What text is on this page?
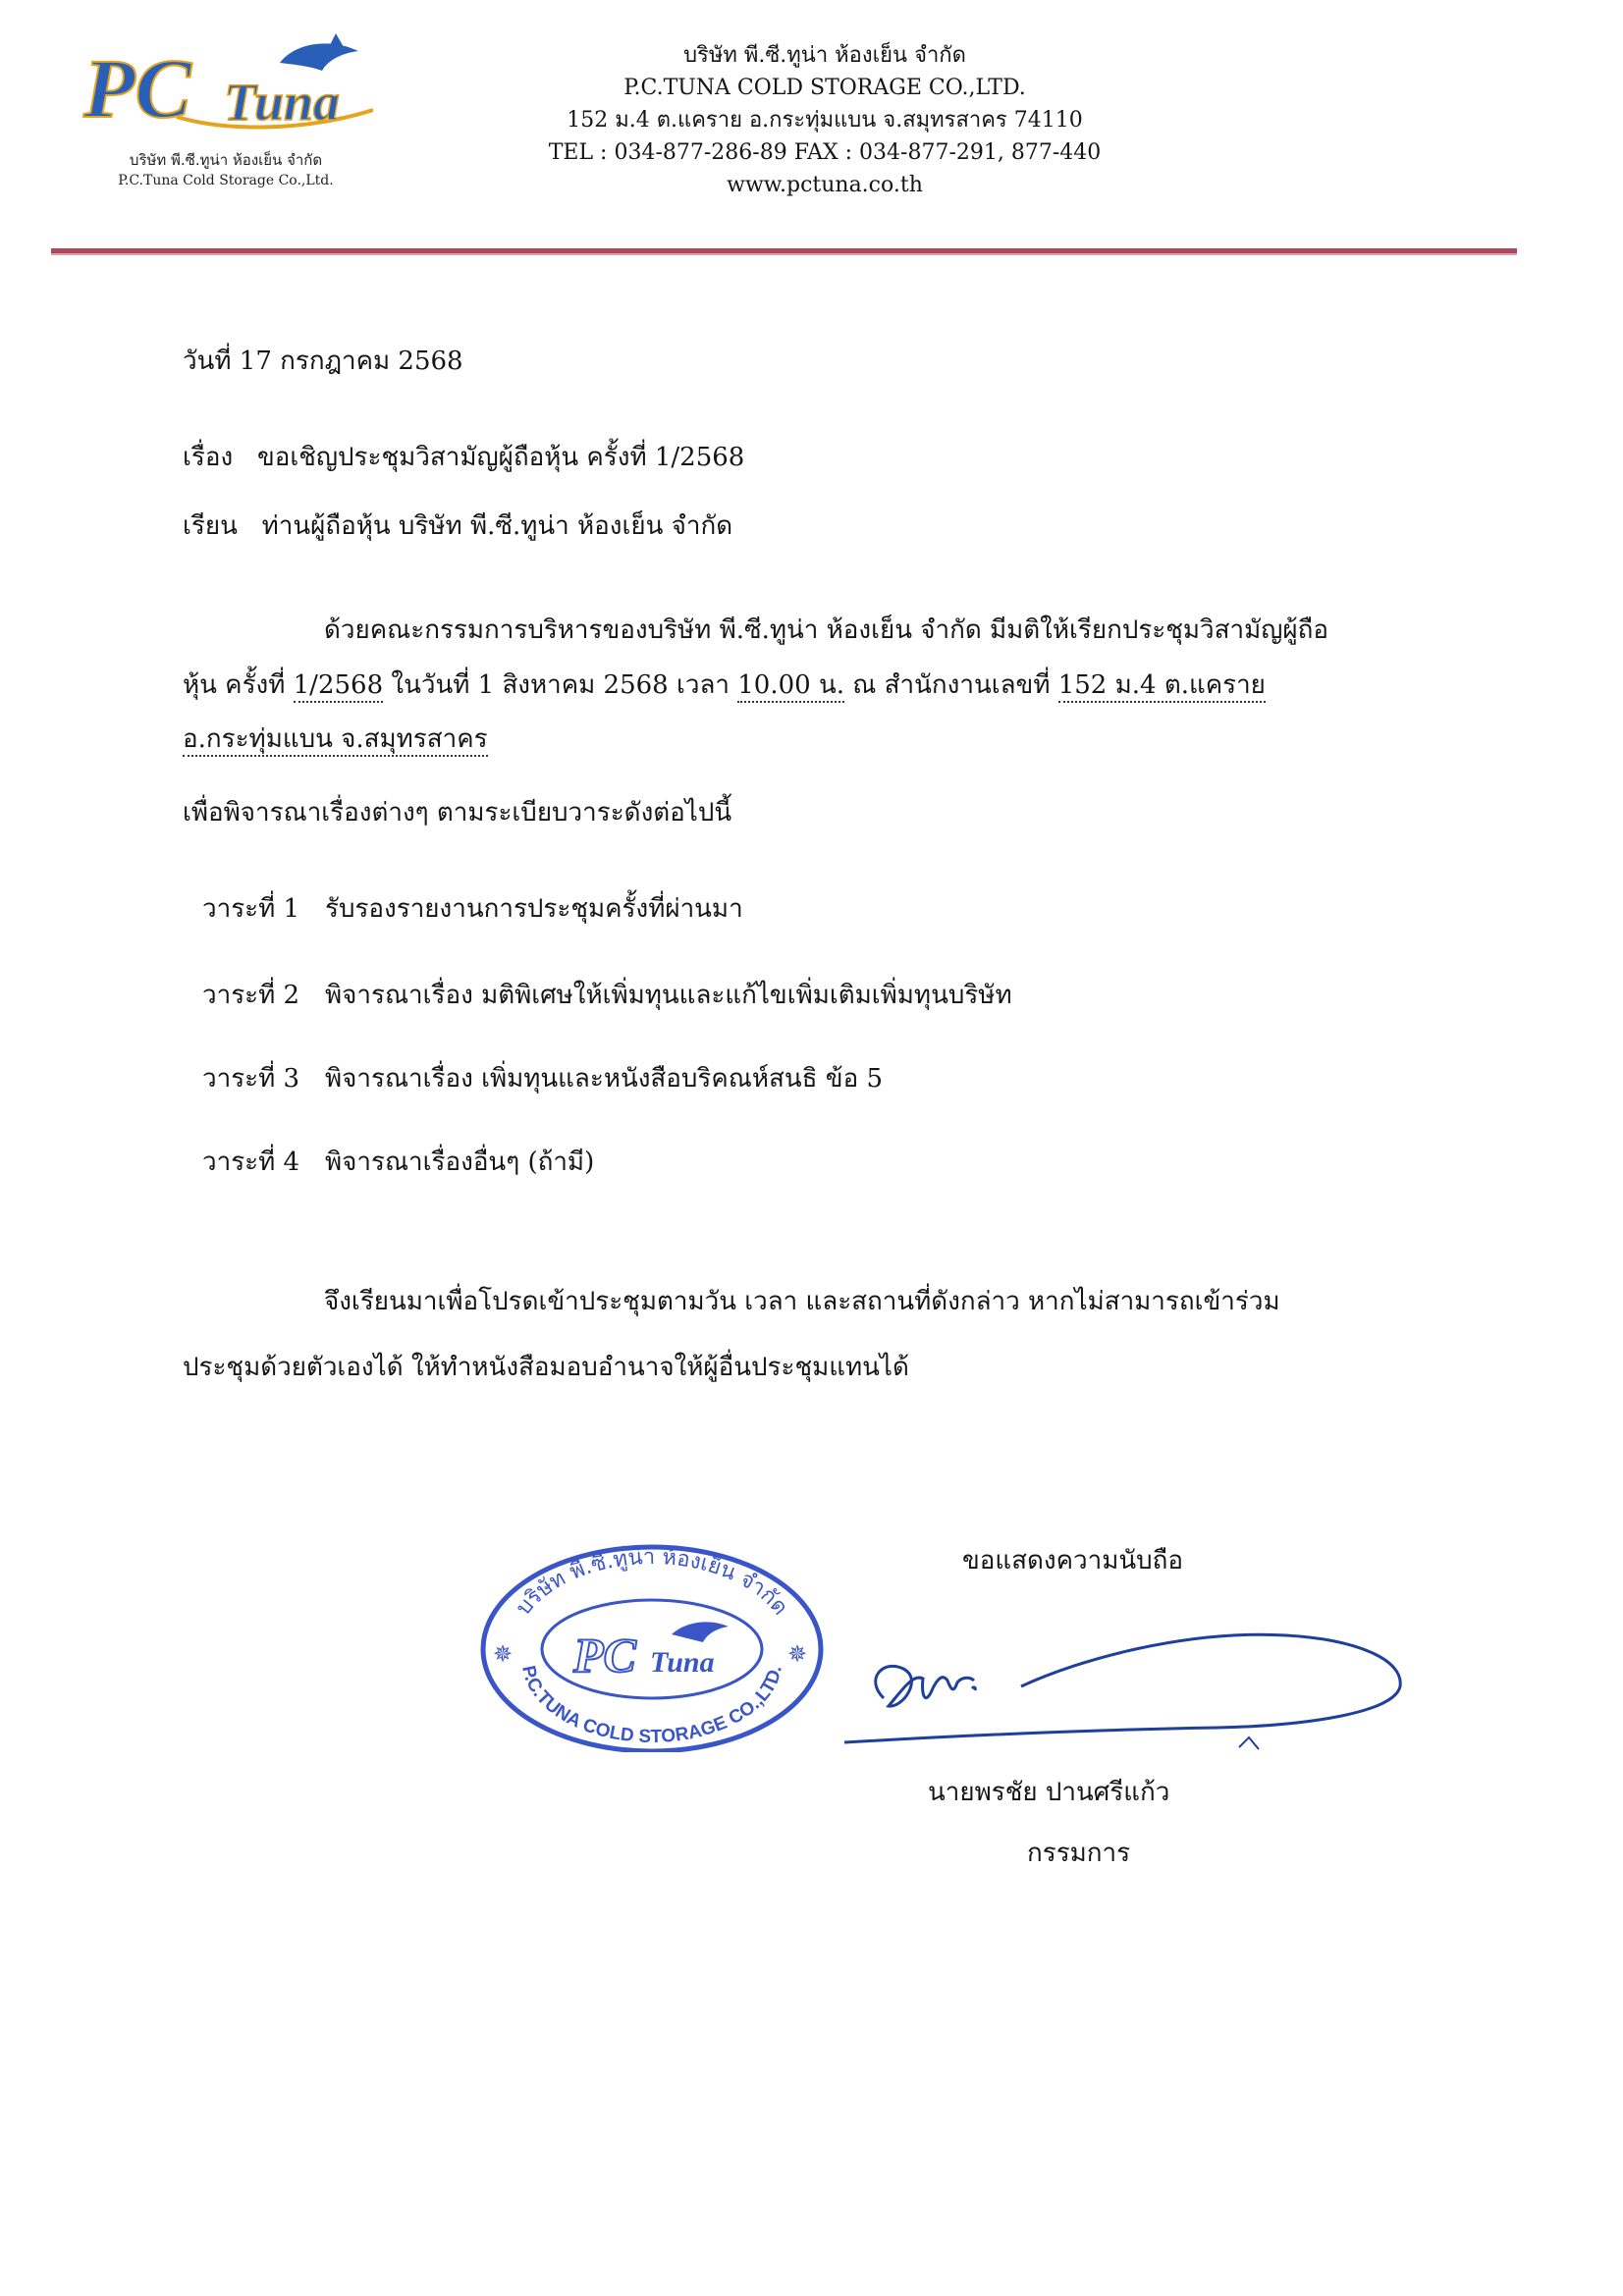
PC Tuna
บริษัท พี.ซี.ทูน่า ห้องเย็น จำกัด
P.C.Tuna Cold Storage Co.,Ltd.
บริษัท พี.ซี.ทูน่า ห้องเย็น จำกัด
P.C.TUNA COLD STORAGE CO.,LTD.
152 ม.4 ต.แคราย อ.กระทุ่มแบน จ.สมุทรสาคร 74110
TEL : 034-877-286-89 FAX : 034-877-291, 877-440
www.pctuna.co.th
วันที่ 17 กรกฎาคม 2568
เรื่อง ขอเชิญประชุมวิสามัญผู้ถือหุ้น ครั้งที่ 1/2568
เรียน ท่านผู้ถือหุ้น บริษัท พี.ซี.ทูน่า ห้องเย็น จำกัด
ด้วยคณะกรรมการบริหารของบริษัท พี.ซี.ทูน่า ห้องเย็น จำกัด มีมติให้เรียกประชุมวิสามัญผู้ถือ
หุ้น ครั้งที่ 1/2568 ในวันที่ 1 สิงหาคม 2568 เวลา 10.00 น. ณ สำนักงานเลขที่ 152 ม.4 ต.แคราย
อ.กระทุ่มแบน จ.สมุทรสาคร
เพื่อพิจารณาเรื่องต่างๆ ตามระเบียบวาระดังต่อไปนี้
วาระที่ 1 รับรองรายงานการประชุมครั้งที่ผ่านมา
วาระที่ 2 พิจารณาเรื่อง มติพิเศษให้เพิ่มทุนและแก้ไขเพิ่มเติมเพิ่มทุนบริษัท
วาระที่ 3 พิจารณาเรื่อง เพิ่มทุนและหนังสือบริคณห์สนธิ ข้อ 5
วาระที่ 4 พิจารณาเรื่องอื่นๆ (ถ้ามี)
จึงเรียนมาเพื่อโปรดเข้าประชุมตามวัน เวลา และสถานที่ดังกล่าว หากไม่สามารถเข้าร่วม
ประชุมด้วยตัวเองได้ ให้ทำหนังสือมอบอำนาจให้ผู้อื่นประชุมแทนได้
บริษัท พี.ซี.ทูน่า ห้องเย็น จำกัด
P.C.TUNA COLD STORAGE CO.,LTD.
✵	✵
PC Tuna
ขอแสดงความนับถือ
นายพรชัย ปานศรีแก้ว
กรรมการ
